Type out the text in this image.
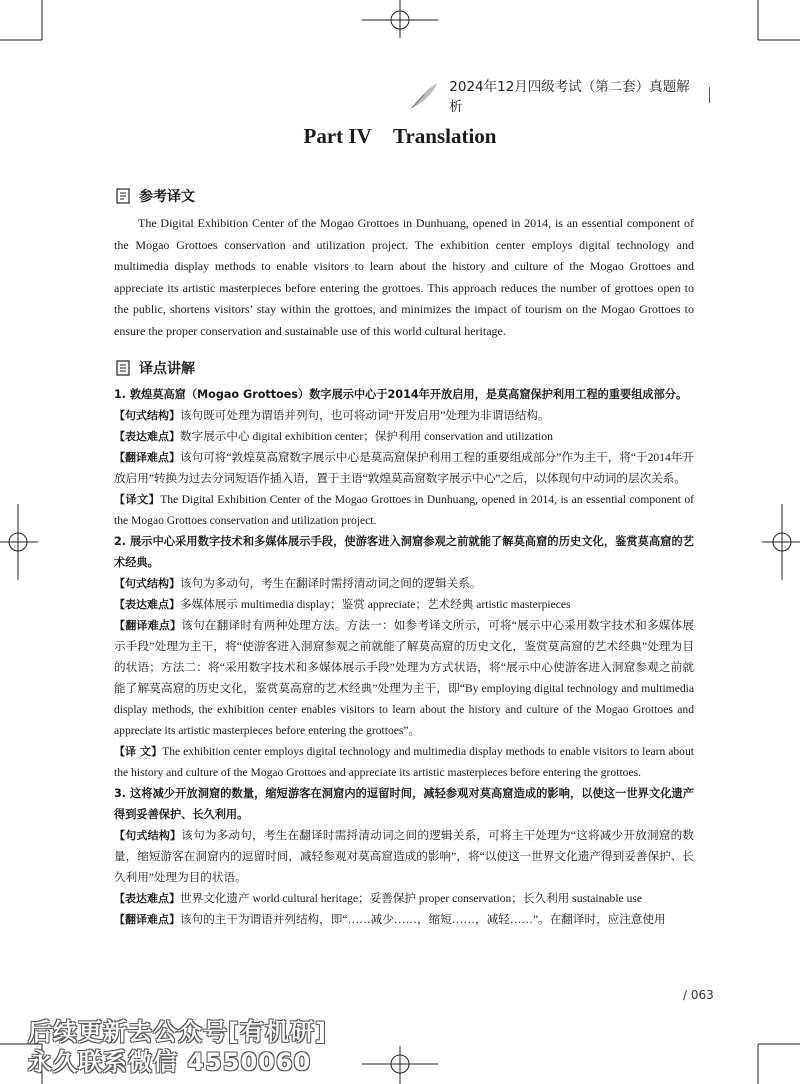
2024年12月四级考试（第二套）真题解析
Part IV Translation
参考译文

The Digital Exhibition Center of the Mogao Grottoes in Dunhuang, opened in 2014, is an essential component of the Mogao Grottoes conservation and utilization project. The exhibition center employs digital technology and multimedia display methods to enable visitors to learn about the history and culture of the Mogao Grottoes and appreciate its artistic masterpieces before entering the grottoes. This approach reduces the number of grottoes open to the public, shortens visitors’ stay within the grottoes, and minimizes the impact of tourism on the Mogao Grottoes to ensure the proper conservation and sustainable use of this world cultural heritage.

译点讲解

1. 敦煌莫高窟（Mogao Grottoes）数字展示中心于2014年开放启用，是莫高窟保护利用工程的重要组成部分。

【句式结构】该句既可处理为谓语并列句，也可将动词“开发启用”处理为非谓语结构。

【表达难点】数字展示中心 digital exhibition center；保护利用 conservation and utilization

【翻译难点】该句可将“敦煌莫高窟数字展示中心是莫高窟保护利用工程的重要组成部分”作为主干，将“于2014年开放启用”转换为过去分词短语作插入语，置于主语“敦煌莫高窟数字展示中心”之后，以体现句中动词的层次关系。

【译文】The Digital Exhibition Center of the Mogao Grottoes in Dunhuang, opened in 2014, is an essential component of the Mogao Grottoes conservation and utilization project.

2. 展示中心采用数字技术和多媒体展示手段，使游客进入洞窟参观之前就能了解莫高窟的历史文化，鉴赏莫高窟的艺术经典。

【句式结构】该句为多动句，考生在翻译时需捋清动词之间的逻辑关系。

【表达难点】多媒体展示 multimedia display；鉴赏 appreciate；艺术经典 artistic masterpieces

【翻译难点】该句在翻译时有两种处理方法。方法一：如参考译文所示，可将“展示中心采用数字技术和多媒体展示手段”处理为主干，将“使游客进入洞窟参观之前就能了解莫高窟的历史文化，鉴赏莫高窟的艺术经典”处理为目的状语；方法二：将“采用数字技术和多媒体展示手段”处理为方式状语，将“展示中心使游客进入洞窟参观之前就能了解莫高窟的历史文化，鉴赏莫高窟的艺术经典”处理为主干，即“By employing digital technology and multimedia display methods, the exhibition center enables visitors to learn about the history and culture of the Mogao Grottoes and appreciate its artistic masterpieces before entering the grottoes”。

【译 文】The exhibition center employs digital technology and multimedia display methods to enable visitors to learn about the history and culture of the Mogao Grottoes and appreciate its artistic masterpieces before entering the grottoes.

3. 这将减少开放洞窟的数量，缩短游客在洞窟内的逗留时间，减轻参观对莫高窟造成的影响，以使这一世界文化遗产得到妥善保护、长久利用。

【句式结构】该句为多动句，考生在翻译时需捋清动词之间的逻辑关系，可将主干处理为“这将减少开放洞窟的数量，缩短游客在洞窟内的逗留时间，减轻参观对莫高窟造成的影响”，将“以使这一世界文化遗产得到妥善保护、长久利用”处理为目的状语。

【表达难点】世界文化遗产 world cultural heritage；妥善保护 proper conservation；长久利用 sustainable use

【翻译难点】该句的主干为谓语并列结构，即“……减少……，缩短……，减轻……”。在翻译时，应注意使用

/ 063
后续更新去公众号[有机研]
永久联系微信 4550060
